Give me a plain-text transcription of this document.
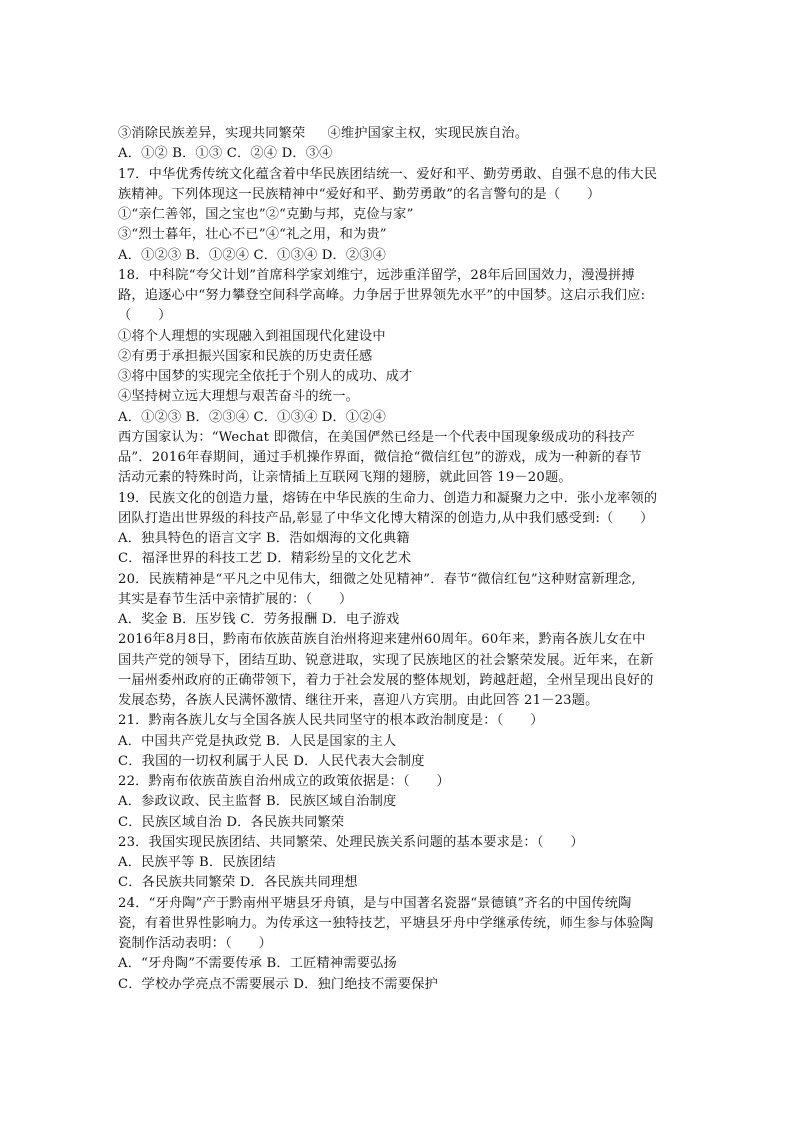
③消除民族差异，实现共同繁荣 ④维护国家主权，实现民族自治。
A．①② B．①③ C．②④ D．③④
17．中华优秀传统文化蕴含着中华民族团结统一、爱好和平、勤劳勇敢、自强不息的伟大民
族精神。下列体现这一民族精神中“爱好和平、勤劳勇敢”的名言警句的是（　　）
①“亲仁善邻，国之宝也”②“克勤与邦，克俭与家”
③“烈士暮年，壮心不已”④“礼之用，和为贵”
A．①②③ B．①②④ C．①③④ D．②③④
18．中科院“夸父计划”首席科学家刘维宁，远涉重洋留学，28年后回国效力，漫漫拼搏
路，追逐心中“努力攀登空间科学高峰。力争居于世界领先水平”的中国梦。这启示我们应:
（　　）
①将个人理想的实现融入到祖国现代化建设中
②有勇于承担振兴国家和民族的历史责任感
③将中国梦的实现完全依托于个别人的成功、成才
④坚持树立远大理想与艰苦奋斗的统一。
A．①②③ B．②③④ C．①③④ D．①②④
西方国家认为：“Wechat 即微信，在美国俨然已经是一个代表中国现象级成功的科技产
品”．2016年春期间，通过手机操作界面，微信抢“微信红包”的游戏，成为一种新的春节
活动元素的特殊时尚，让亲情插上互联网飞翔的翅膀，就此回答 19－20题。
19．民族文化的创造力量，熔铸在中华民族的生命力、创造力和凝聚力之中．张小龙率领的
团队打造出世界级的科技产品,彰显了中华文化博大精深的创造力,从中我们感受到:（　　）
A．独具特色的语言文字 B．浩如烟海的文化典籍
C．福泽世界的科技工艺 D．精彩纷呈的文化艺术
20．民族精神是“平凡之中见伟大，细微之处见精神”．春节“微信红包”这种财富新理念,
其实是春节生活中亲情扩展的：（　　）
A．奖金 B．压岁钱 C．劳务报酬 D．电子游戏
2016年8月8日，黔南布依族苗族自治州将迎来建州60周年。60年来，黔南各族儿女在中
国共产党的领导下，团结互助、锐意进取，实现了民族地区的社会繁荣发展。近年来，在新
一届州委州政府的正确带领下，着力于社会发展的整体规划，跨越赶超，全州呈现出良好的
发展态势，各族人民满怀激情、继往开来，喜迎八方宾朋。由此回答 21－23题。
21．黔南各族儿女与全国各族人民共同坚守的根本政治制度是：（　　）
A．中国共产党是执政党 B．人民是国家的主人
C．我国的一切权利属于人民 D．人民代表大会制度
22．黔南布依族苗族自治州成立的政策依据是：（　　）
A．参政议政、民主监督 B．民族区域自治制度
C．民族区域自治 D．各民族共同繁荣
23．我国实现民族团结、共同繁荣、处理民族关系问题的基本要求是：（　　）
A．民族平等 B．民族团结
C．各民族共同繁荣 D．各民族共同理想
24．“牙舟陶”产于黔南州平塘县牙舟镇，是与中国著名瓷器“景德镇”齐名的中国传统陶
瓷，有着世界性影响力。为传承这一独特技艺，平塘县牙舟中学继承传统，师生参与体验陶
瓷制作活动表明：（　　）
A．“牙舟陶”不需要传承 B．工匠精神需要弘扬
C．学校办学亮点不需要展示 D．独门绝技不需要保护
